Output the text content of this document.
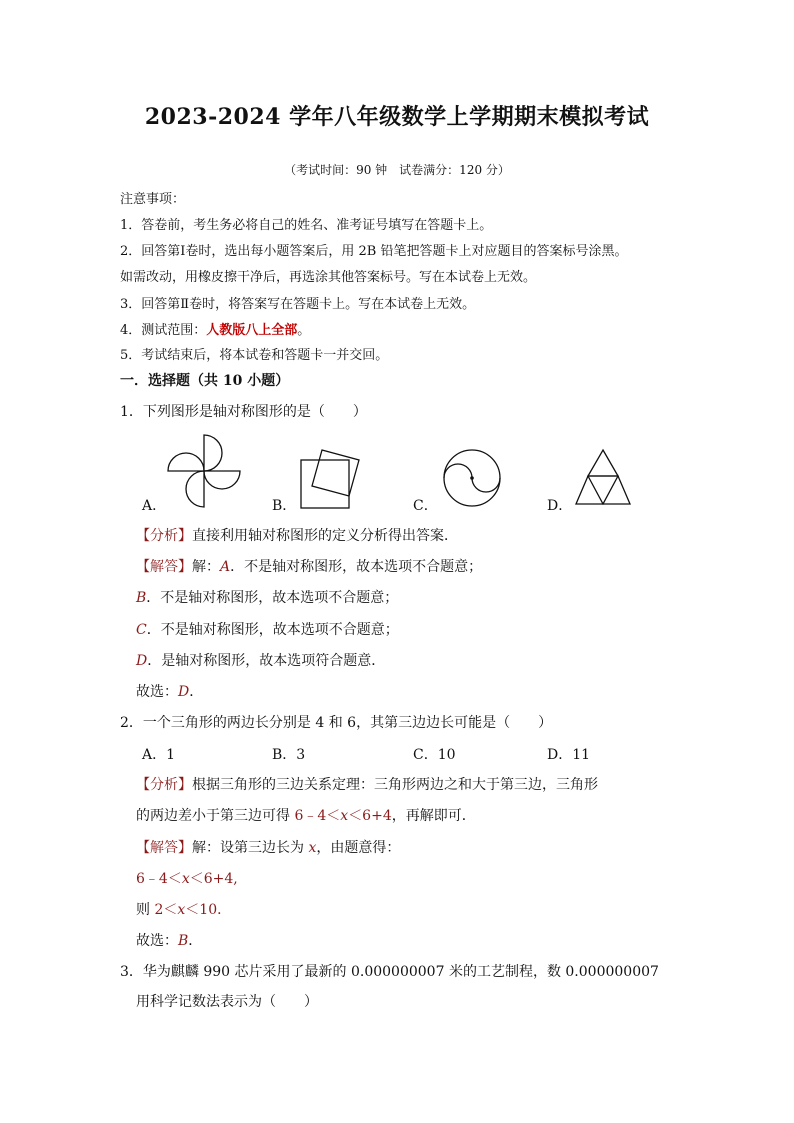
2023-2024 学年八年级数学上学期期末模拟考试
（考试时间：90 钟　试卷满分：120 分）
注意事项：
1．答卷前，考生务必将自己的姓名、准考证号填写在答题卡上。
2．回答第Ⅰ卷时，选出每小题答案后，用 2B 铅笔把答题卡上对应题目的答案标号涂黑。
如需改动，用橡皮擦干净后，再选涂其他答案标号。写在本试卷上无效。
3．回答第Ⅱ卷时，将答案写在答题卡上。写在本试卷上无效。
4．测试范围：人教版八上全部。
5．考试结束后，将本试卷和答题卡一并交回。
一．选择题（共 10 小题）
1．下列图形是轴对称图形的是（　　）
A．	B．	C．	D．
【分析】直接利用轴对称图形的定义分析得出答案．
【解答】解：A．不是轴对称图形，故本选项不合题意；
B．不是轴对称图形，故本选项不合题意；
C．不是轴对称图形，故本选项不合题意；
D．是轴对称图形，故本选项符合题意．
故选：D．
2．一个三角形的两边长分别是 4 和 6，其第三边边长可能是（　　）
A．1	B．3	C．10	D．11
【分析】根据三角形的三边关系定理：三角形两边之和大于第三边，三角形
的两边差小于第三边可得 6﹣4＜x＜6+4，再解即可．
【解答】解：设第三边长为 x，由题意得：
6﹣4＜x＜6+4,
则 2＜x＜10．
故选：B．
3．华为麒麟 990 芯片采用了最新的 0.000000007 米的工艺制程，数 0.000000007
用科学记数法表示为（　　）
